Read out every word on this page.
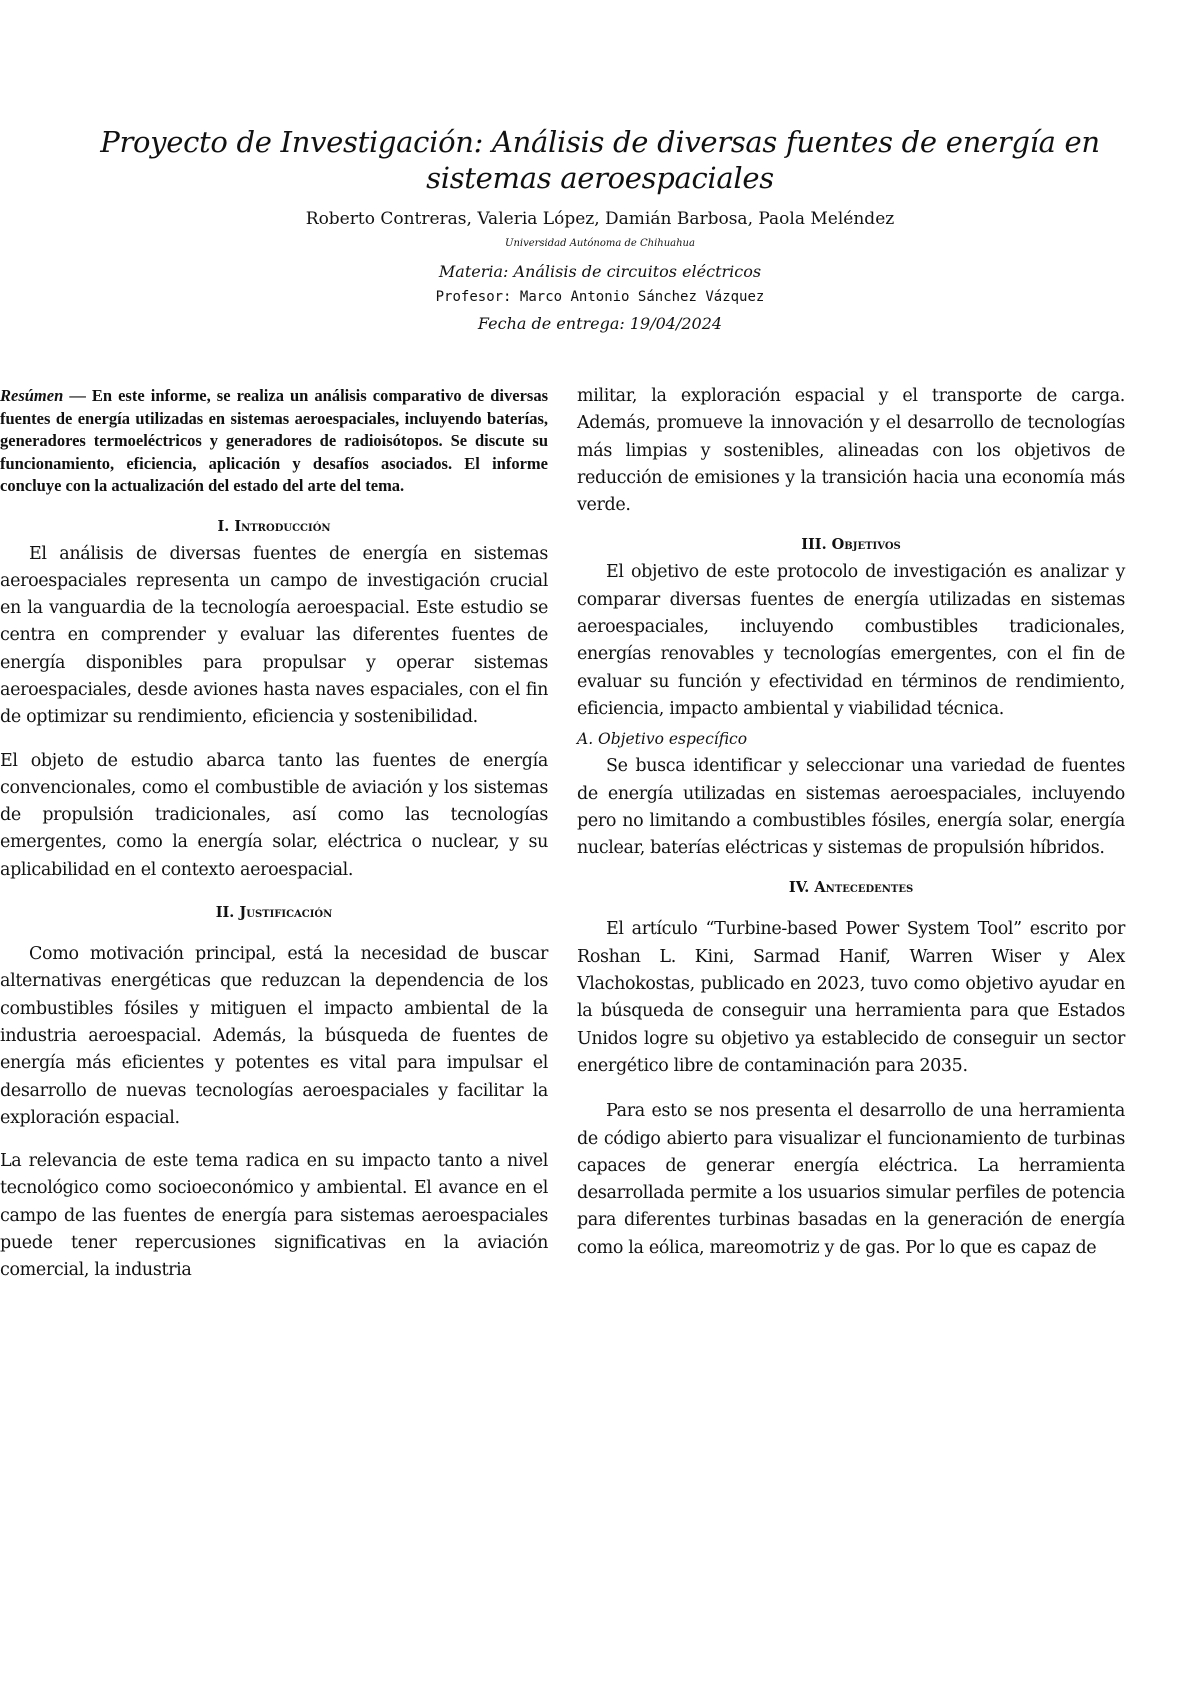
Proyecto de Investigación: Análisis de diversas fuentes de energía en sistemas aeroespaciales
Roberto Contreras, Valeria López, Damián Barbosa, Paola Meléndez
Universidad Autónoma de Chihuahua
Materia: Análisis de circuitos eléctricos
Profesor: Marco Antonio Sánchez Vázquez
Fecha de entrega: 19/04/2024

Resúmen — En este informe, se realiza un análisis comparativo de diversas fuentes de energía utilizadas en sistemas aeroespaciales, incluyendo baterías, generadores termoeléctricos y generadores de radioisótopos. Se discute su funcionamiento, eficiencia, aplicación y desafíos asociados. El informe concluye con la actualización del estado del arte del tema.

I. Introducción

El análisis de diversas fuentes de energía en sistemas aeroespaciales representa un campo de investigación crucial en la vanguardia de la tecnología aeroespacial. Este estudio se centra en comprender y evaluar las diferentes fuentes de energía disponibles para propulsar y operar sistemas aeroespaciales, desde aviones hasta naves espaciales, con el fin de optimizar su rendimiento, eficiencia y sostenibilidad.

El objeto de estudio abarca tanto las fuentes de energía convencionales, como el combustible de aviación y los sistemas de propulsión tradicionales, así como las tecnologías emergentes, como la energía solar, eléctrica o nuclear, y su aplicabilidad en el contexto aeroespacial.

II. Justificación

Como motivación principal, está la necesidad de buscar alternativas energéticas que reduzcan la dependencia de los combustibles fósiles y mitiguen el impacto ambiental de la industria aeroespacial. Además, la búsqueda de fuentes de energía más eficientes y potentes es vital para impulsar el desarrollo de nuevas tecnologías aeroespaciales y facilitar la exploración espacial.

La relevancia de este tema radica en su impacto tanto a nivel tecnológico como socioeconómico y ambiental. El avance en el campo de las fuentes de energía para sistemas aeroespaciales puede tener repercusiones significativas en la aviación comercial, la industria

militar, la exploración espacial y el transporte de carga. Además, promueve la innovación y el desarrollo de tecnologías más limpias y sostenibles, alineadas con los objetivos de reducción de emisiones y la transición hacia una economía más verde.

III. Objetivos

El objetivo de este protocolo de investigación es analizar y comparar diversas fuentes de energía utilizadas en sistemas aeroespaciales, incluyendo combustibles tradicionales, energías renovables y tecnologías emergentes, con el fin de evaluar su función y efectividad en términos de rendimiento, eficiencia, impacto ambiental y viabilidad técnica.

A. Objetivo específico

Se busca identificar y seleccionar una variedad de fuentes de energía utilizadas en sistemas aeroespaciales, incluyendo pero no limitando a combustibles fósiles, energía solar, energía nuclear, baterías eléctricas y sistemas de propulsión híbridos.

IV. Antecedentes

El artículo “Turbine-based Power System Tool” escrito por Roshan L. Kini, Sarmad Hanif, Warren Wiser y Alex Vlachokostas, publicado en 2023, tuvo como objetivo ayudar en la búsqueda de conseguir una herramienta para que Estados Unidos logre su objetivo ya establecido de conseguir un sector energético libre de contaminación para 2035.

Para esto se nos presenta el desarrollo de una herramienta de código abierto para visualizar el funcionamiento de turbinas capaces de generar energía eléctrica. La herramienta desarrollada permite a los usuarios simular perfiles de potencia para diferentes turbinas basadas en la generación de energía como la eólica, mareomotriz y de gas. Por lo que es capaz de
